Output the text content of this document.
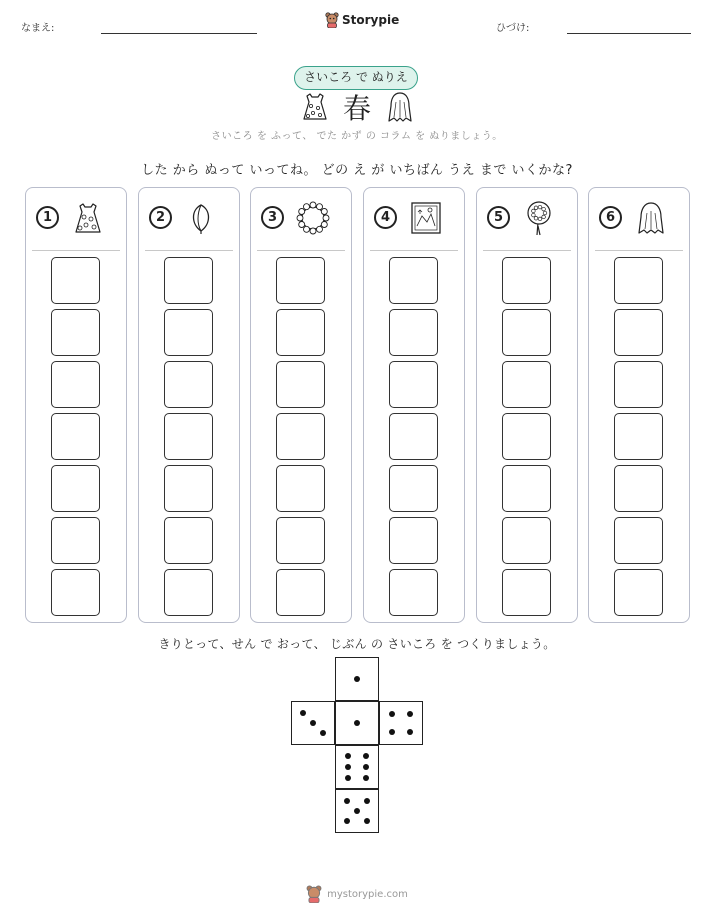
なまえ:
Storypie
ひづけ:
さいころ で ぬりえ
春
さいころ を ふって、 でた かず の コラム を ぬりましょう。
した から ぬって いってね。 どの え が いちばん うえ まで いくかな?
1	2	3	4	5	6
きりとって、せん で おって、 じぶん の さいころ を つくりましょう。
mystorypie.com
